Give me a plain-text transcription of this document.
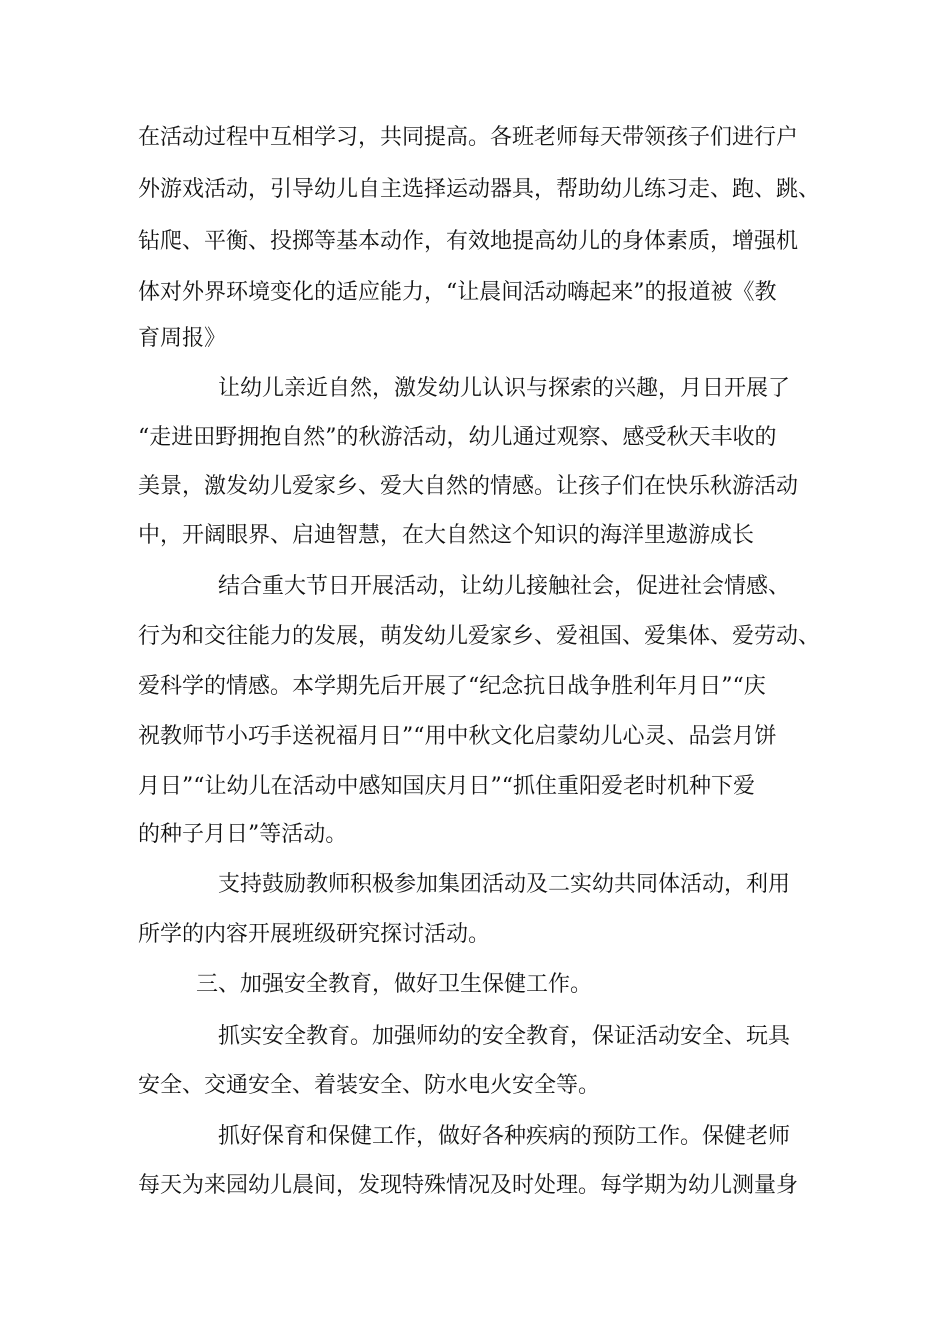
在活动过程中互相学习，共同提高。各班老师每天带领孩子们进行户
外游戏活动，引导幼儿自主选择运动器具，帮助幼儿练习走、跑、跳、
钻爬、平衡、投掷等基本动作，有效地提高幼儿的身体素质，增强机
体对外界环境变化的适应能力，“让晨间活动嗨起来”的报道被《教
育周报》
让幼儿亲近自然，激发幼儿认识与探索的兴趣，月日开展了
“走进田野拥抱自然”的秋游活动，幼儿通过观察、感受秋天丰收的
美景，激发幼儿爱家乡、爱大自然的情感。让孩子们在快乐秋游活动
中，开阔眼界、启迪智慧，在大自然这个知识的海洋里遨游成长
结合重大节日开展活动，让幼儿接触社会，促进社会情感、
行为和交往能力的发展，萌发幼儿爱家乡、爱祖国、爱集体、爱劳动、
爱科学的情感。本学期先后开展了“纪念抗日战争胜利年月日”“庆
祝教师节小巧手送祝福月日”“用中秋文化启蒙幼儿心灵、品尝月饼
月日”“让幼儿在活动中感知国庆月日”“抓住重阳爱老时机种下爱
的种子月日”等活动。
支持鼓励教师积极参加集团活动及二实幼共同体活动，利用
所学的内容开展班级研究探讨活动。
三、加强安全教育，做好卫生保健工作。
抓实安全教育。加强师幼的安全教育，保证活动安全、玩具
安全、交通安全、着装安全、防水电火安全等。
抓好保育和保健工作，做好各种疾病的预防工作。保健老师
每天为来园幼儿晨间，发现特殊情况及时处理。每学期为幼儿测量身
